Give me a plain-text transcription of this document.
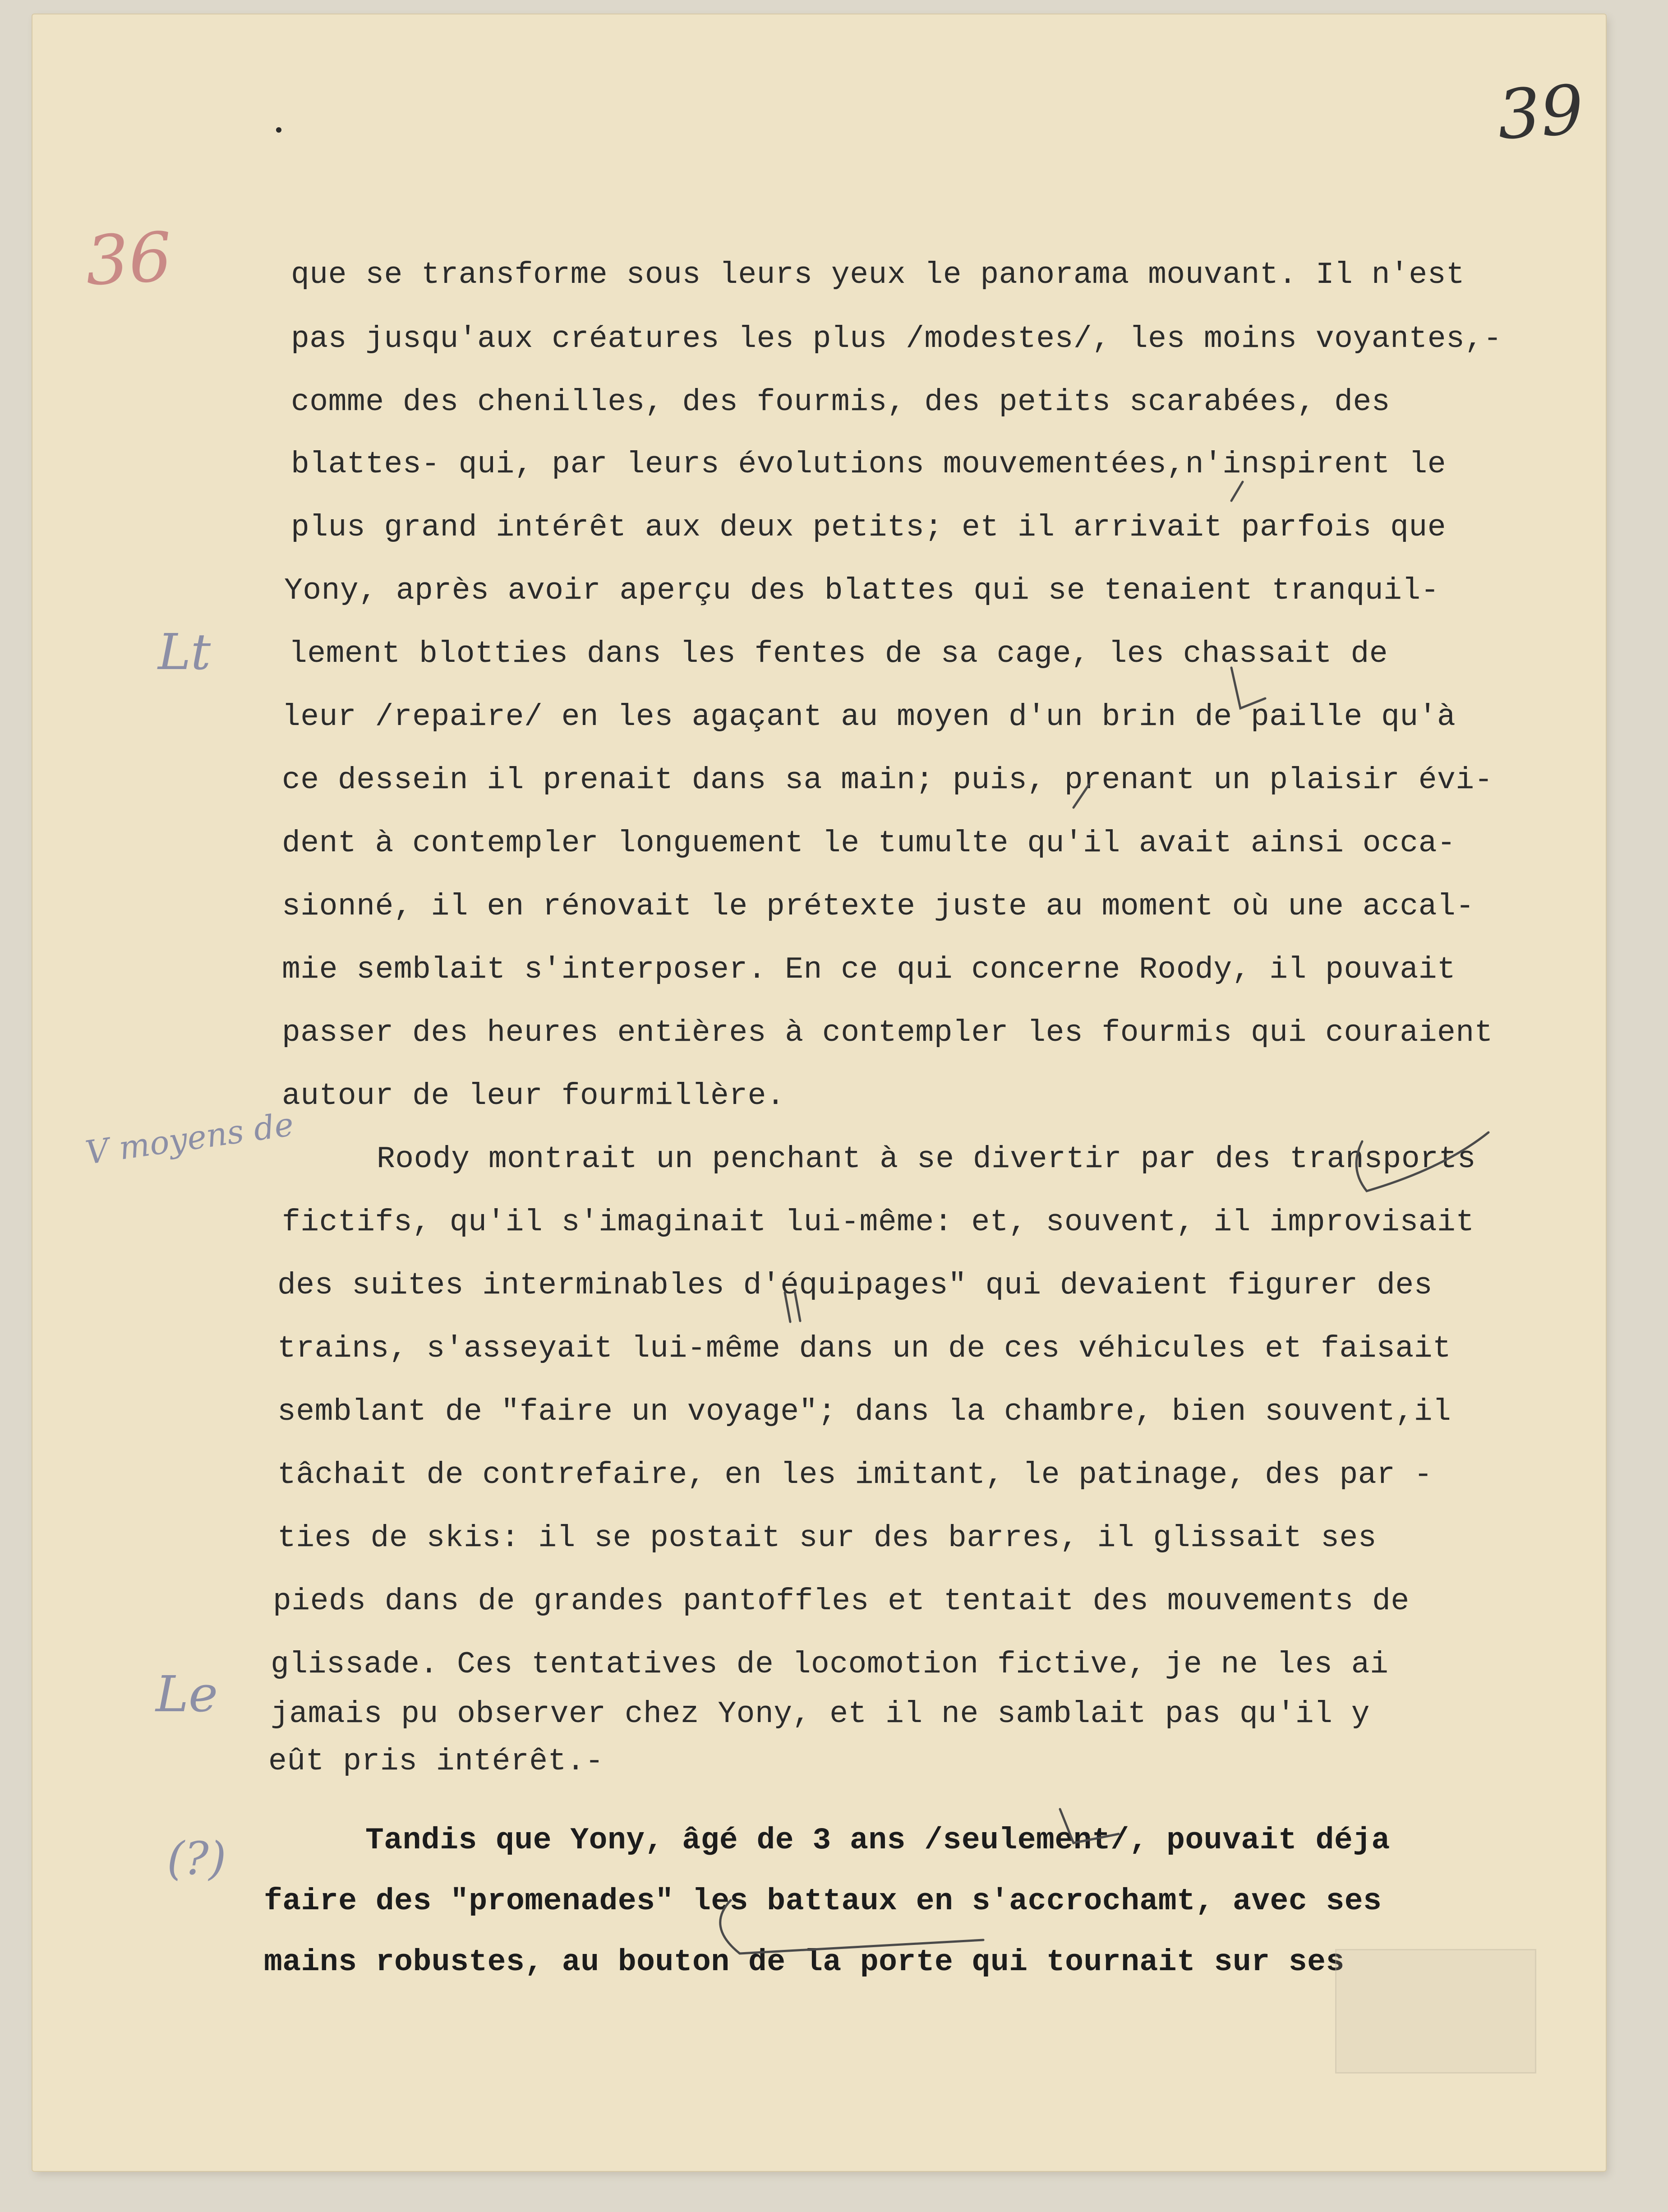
39
36
Lt
V moyens de
Le
(?)

que se transforme sous leurs yeux le panorama mouvant. Il n'est

pas jusqu'aux créatures les plus /modestes/, les moins voyantes,-

comme des chenilles, des fourmis, des petits scarabées, des

blattes- qui, par leurs évolutions mouvementées,n'inspirent le

plus grand intérêt aux deux petits; et il arrivait parfois que

Yony, après avoir aperçu des blattes qui se tenaient tranquil-

lement blotties dans les fentes de sa cage, les chassait de

leur /repaire/ en les agaçant au moyen d'un brin de paille qu'à

ce dessein il prenait dans sa main; puis, prenant un plaisir évi-

dent à contempler longuement le tumulte qu'il avait ainsi occa-

sionné, il en rénovait le prétexte juste au moment où une accal-

mie semblait s'interposer. En ce qui concerne Roody, il pouvait

passer des heures entières à contempler les fourmis qui couraient

autour de leur fourmillère.

Roody montrait un penchant à se divertir par des transports

fictifs, qu'il s'imaginait lui-même: et, souvent, il improvisait

des suites interminables d'équipages" qui devaient figurer des

trains, s'asseyait lui-même dans un de ces véhicules et faisait

semblant de "faire un voyage"; dans la chambre, bien souvent,il

tâchait de contrefaire, en les imitant, le patinage, des par -

ties de skis: il se postait sur des barres, il glissait ses

pieds dans de grandes pantoffles et tentait des mouvements de

glissade. Ces tentatives de locomotion fictive, je ne les ai

jamais pu observer chez Yony, et il ne samblait pas qu'il y

eût pris intérêt.-

Tandis que Yony, âgé de 3 ans /seulement/, pouvait déja

faire des "promenades" les battaux en s'accrochamt, avec ses

mains robustes, au bouton de la porte qui tournait sur ses
